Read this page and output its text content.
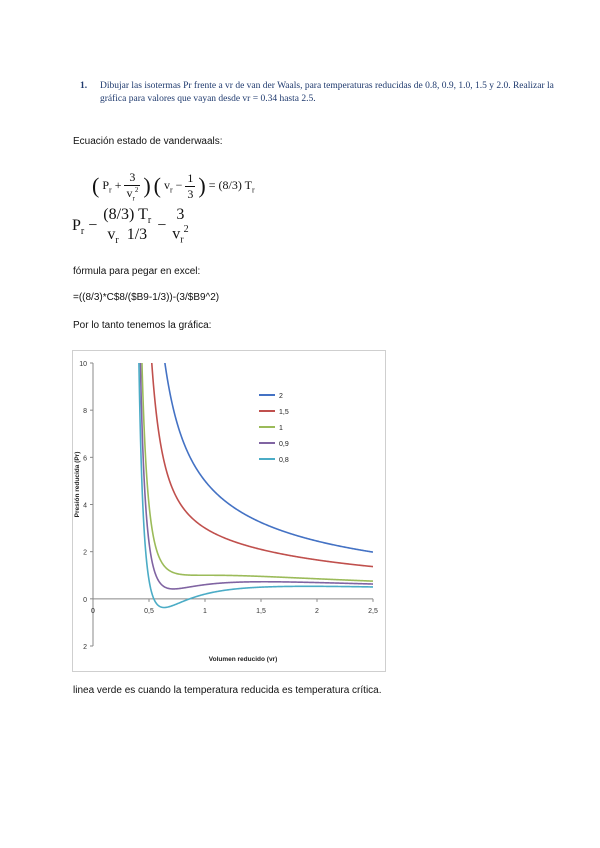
1. Dibujar las isotermas Pr frente a vr de van der Waals, para temperaturas reducidas de 0.8, 0.9, 1.0, 1.5 y 2.0. Realizar la gráfica para valores que vayan desde vr = 0.34 hasta 2.5.
Ecuación estado de vanderwaals:
( $P_r + \frac{3}{v_r^2}$ ) ( $v_r - \frac{1}{3}$ ) = (8/3) $T_r$
$P_r$ −
(8/3) $T_r$
$v_r$ 1/3
−
3
$v_r^2$
fórmula para pegar en excel:
=((8/3)*C$8/($B9-1/3))-(3/$B9^2)
Por lo tanto tenemos la gráfica:
10
8
6
4
2
0
2
0	0,5	1	1,5	2	2,5
Volumen reducido (vr)
Presión reducida (Pr)
2
1,5
1
0,9
0,8
linea verde es cuando la temperatura reducida es temperatura crítica.
